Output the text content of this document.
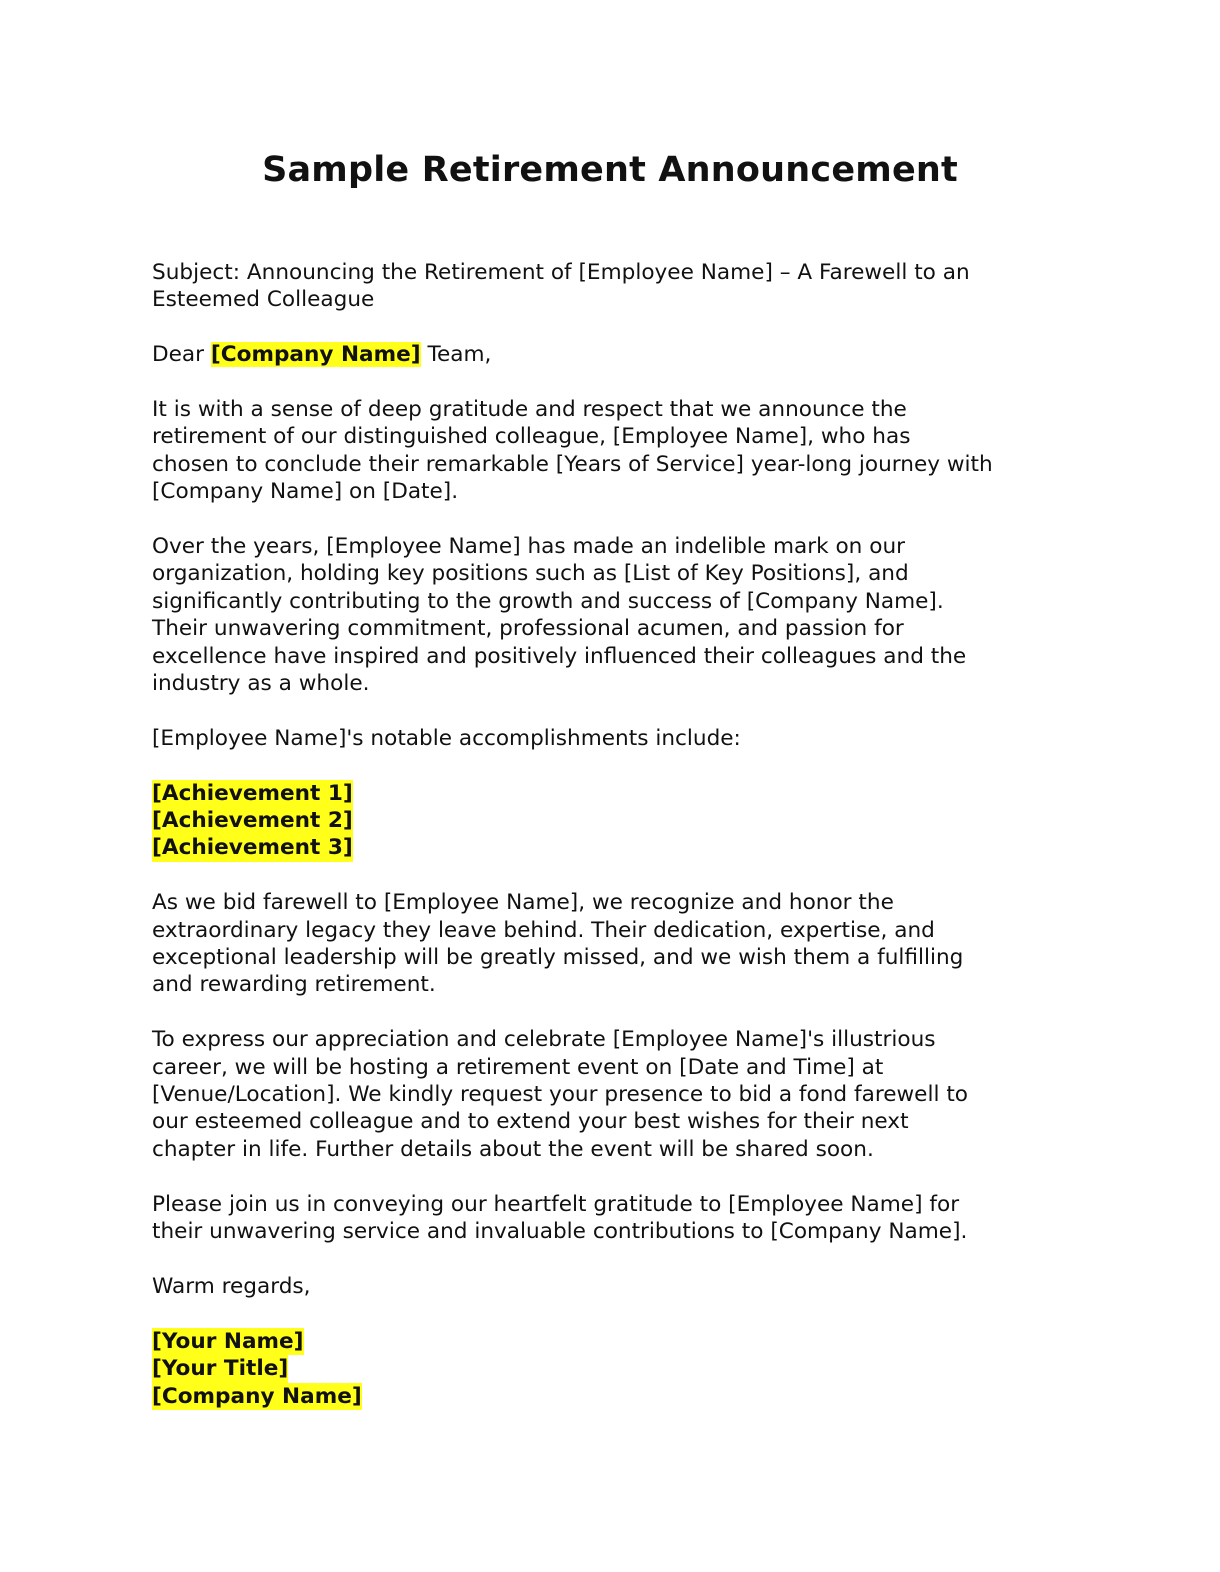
Sample Retirement Announcement

Subject: Announcing the Retirement of [Employee Name] – A Farewell to an
Esteemed Colleague

Dear [Company Name] Team,

It is with a sense of deep gratitude and respect that we announce the
retirement of our distinguished colleague, [Employee Name], who has
chosen to conclude their remarkable [Years of Service] year-long journey with
[Company Name] on [Date].

Over the years, [Employee Name] has made an indelible mark on our
organization, holding key positions such as [List of Key Positions], and
significantly contributing to the growth and success of [Company Name].
Their unwavering commitment, professional acumen, and passion for
excellence have inspired and positively influenced their colleagues and the
industry as a whole.

[Employee Name]'s notable accomplishments include:

[Achievement 1]
[Achievement 2]
[Achievement 3]

As we bid farewell to [Employee Name], we recognize and honor the
extraordinary legacy they leave behind. Their dedication, expertise, and
exceptional leadership will be greatly missed, and we wish them a fulfilling
and rewarding retirement.

To express our appreciation and celebrate [Employee Name]'s illustrious
career, we will be hosting a retirement event on [Date and Time] at
[Venue/Location]. We kindly request your presence to bid a fond farewell to
our esteemed colleague and to extend your best wishes for their next
chapter in life. Further details about the event will be shared soon.

Please join us in conveying our heartfelt gratitude to [Employee Name] for
their unwavering service and invaluable contributions to [Company Name].

Warm regards,

[Your Name]
[Your Title]
[Company Name]
